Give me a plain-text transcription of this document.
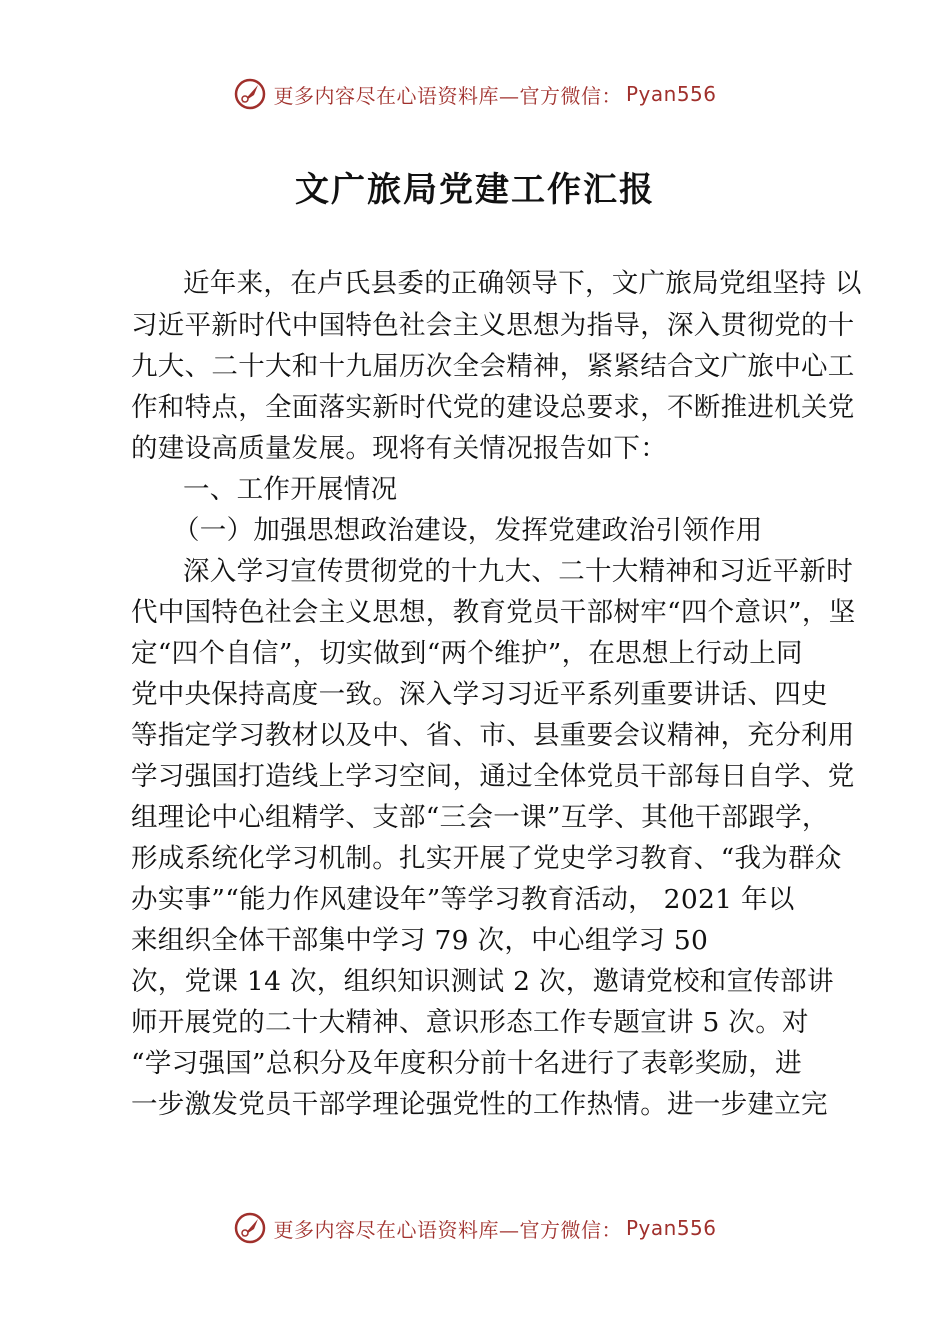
更多内容尽在心语资料库—官方微信： Pyan556
文广旅局党建工作汇报
近年来，在卢氏县委的正确领导下，文广旅局党组坚持 以
习近平新时代中国特色社会主义思想为指导，深入贯彻党的十
九大、二十大和十九届历次全会精神，紧紧结合文广旅中心工
作和特点，全面落实新时代党的建设总要求，不断推进机关党
的建设高质量发展。现将有关情况报告如下：
一、工作开展情况
（一）加强思想政治建设，发挥党建政治引领作用
深入学习宣传贯彻党的十九大、二十大精神和习近平新时
代中国特色社会主义思想，教育党员干部树牢“四个意识”，坚
定“四个自信”，切实做到“两个维护”，在思想上行动上同
党中央保持高度一致。深入学习习近平系列重要讲话、四史
等指定学习教材以及中、省、市、县重要会议精神，充分利用
学习强国打造线上学习空间，通过全体党员干部每日自学、党
组理论中心组精学、支部“三会一课”互学、其他干部跟学，
形成系统化学习机制。扎实开展了党史学习教育、“我为群众
办实事”“能力作风建设年”等学习教育活动， 2021 年以
来组织全体干部集中学习 79 次，中心组学习 50
次，党课 14 次，组织知识测试 2 次，邀请党校和宣传部讲
师开展党的二十大精神、意识形态工作专题宣讲 5 次。对
“学习强国”总积分及年度积分前十名进行了表彰奖励，进
一步激发党员干部学理论强党性的工作热情。进一步建立完
更多内容尽在心语资料库—官方微信： Pyan556
